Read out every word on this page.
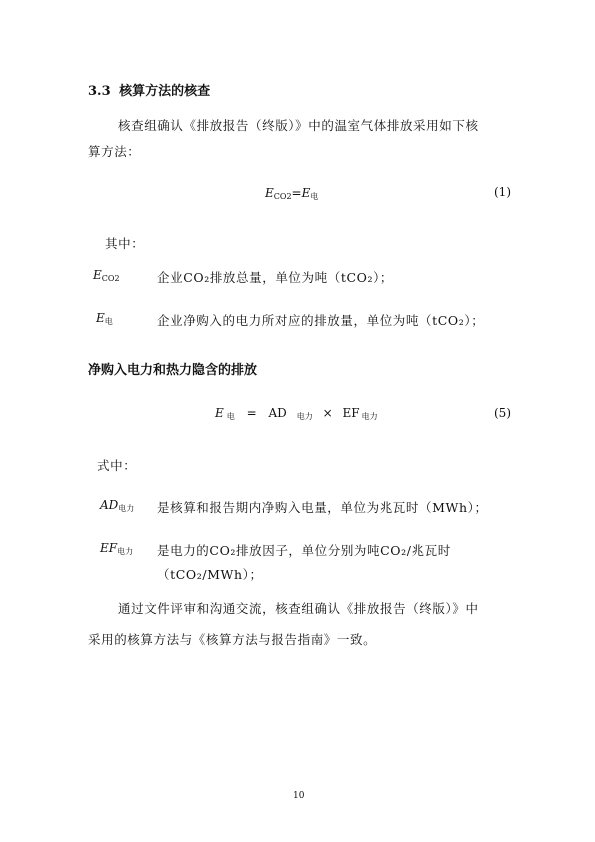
3.3 核算方法的核查
核查组确认《排放报告（终版）》中的温室气体排放采用如下核
算方法：
$E_{CO2}=E_电$	(1)
其中：
$E_{CO2}$	企业CO₂排放总量，单位为吨（tCO₂）；
$E_电$	企业净购入的电力所对应的排放量，单位为吨（tCO₂）；
净购入电力和热力隐含的排放
E $_电$ = AD $_{电力}$ × EF $_{电力}$	(5)
式中：
$AD_{电力}$ 是核算和报告期内净购入电量，单位为兆瓦时（MWh）；
$EF_{电力}$ 是电力的CO₂排放因子，单位分别为吨CO₂/兆瓦时
（tCO₂/MWh）；
通过文件评审和沟通交流，核查组确认《排放报告（终版）》中
采用的核算方法与《核算方法与报告指南》一致。
10
